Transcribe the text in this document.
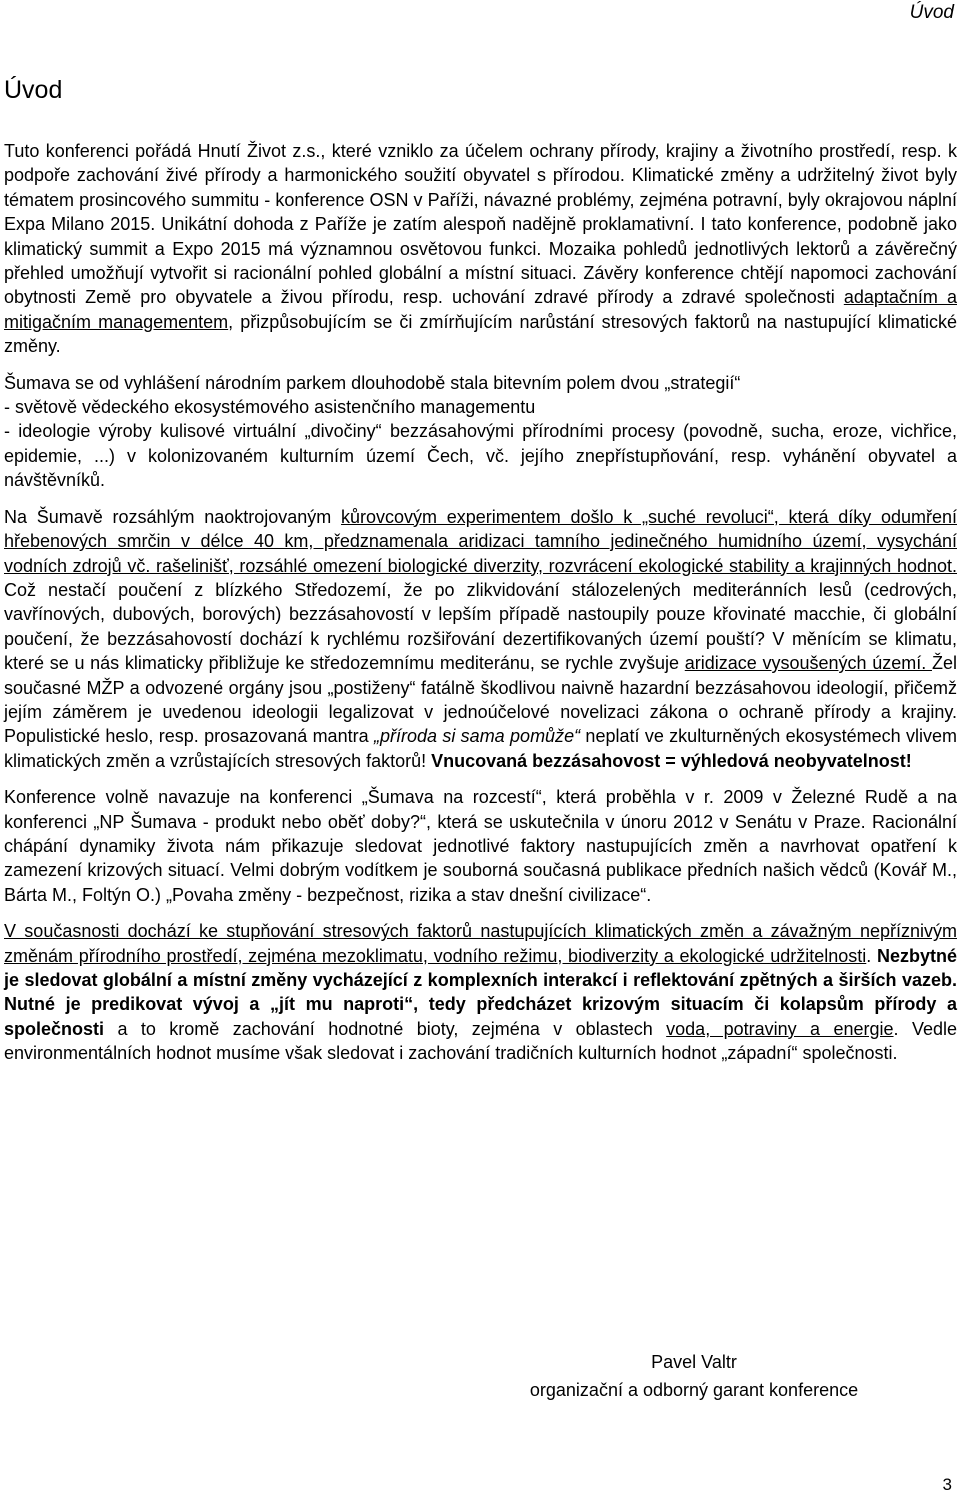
Úvod
Úvod

Tuto konferenci pořádá Hnutí Život z.s., které vzniklo za účelem ochrany přírody, krajiny a životního prostředí, resp. k podpoře zachování živé přírody a harmonického soužití obyvatel s přírodou. Klimatické změny a udržitelný život byly tématem prosincového summitu - konference OSN v Paříži, návazné problémy, zejména potravní, byly okrajovou náplní Expa Milano 2015. Unikátní dohoda z Paříže je zatím alespoň nadějně proklamativní. I tato konference, podobně jako klimatický summit a Expo 2015 má významnou osvětovou funkci. Mozaika pohledů jednotlivých lektorů a závěrečný přehled umožňují vytvořit si racionální pohled globální a místní situaci. Závěry konference chtějí napomoci zachování obytnosti Země pro obyvatele a živou přírodu, resp. uchování zdravé přírody a zdravé společnosti adaptačním a mitigačním managementem, přizpůsobujícím se či zmírňujícím narůstání stresových faktorů na nastupující klimatické změny.

Šumava se od vyhlášení národním parkem dlouhodobě stala bitevním polem dvou „strategií“
- světově vědeckého ekosystémového asistenčního managementu
- ideologie výroby kulisové virtuální „divočiny“ bezzásahovými přírodními procesy (povodně, sucha, eroze, vichřice, epidemie, ...) v kolonizovaném kulturním území Čech, vč. jejího znepřístupňování, resp. vyhánění obyvatel a návštěvníků.

Na Šumavě rozsáhlým naoktrojovaným kůrovcovým experimentem došlo k „suché revoluci“, která díky odumření hřebenových smrčin v délce 40 km, předznamenala aridizaci tamního jedinečného humidního území, vysychání vodních zdrojů vč. rašelinišť, rozsáhlé omezení biologické diverzity, rozvrácení ekologické stability a krajinných hodnot. Což nestačí poučení z blízkého Středozemí, že po zlikvidování stálozelených mediteránních lesů (cedrových, vavřínových, dubových, borových) bezzásahovostí v lepším případě nastoupily pouze křovinaté macchie, či globální poučení, že bezzásahovostí dochází k rychlému rozšiřování dezertifikovaných území pouští? V měnícím se klimatu, které se u nás klimaticky přibližuje ke středozemnímu mediteránu, se rychle zvyšuje aridizace vysoušených území. Žel současné MŽP a odvozené orgány jsou „postiženy“ fatálně škodlivou naivně hazardní bezzásahovou ideologií, přičemž jejím záměrem je uvedenou ideologii legalizovat v jednoúčelové novelizaci zákona o ochraně přírody a krajiny. Populistické heslo, resp. prosazovaná mantra „příroda si sama pomůže“ neplatí ve zkulturněných ekosystémech vlivem klimatických změn a vzrůstajících stresových faktorů! Vnucovaná bezzásahovost = výhledová neobyvatelnost!

Konference volně navazuje na konferenci „Šumava na rozcestí“, která proběhla v r. 2009 v Železné Rudě a na konferenci „NP Šumava - produkt nebo oběť doby?“, která se uskutečnila v únoru 2012 v Senátu v Praze. Racionální chápání dynamiky života nám přikazuje sledovat jednotlivé faktory nastupujících změn a navrhovat opatření k zamezení krizových situací. Velmi dobrým vodítkem je souborná současná publikace předních našich vědců (Kovář M., Bárta M., Foltýn O.) „Povaha změny - bezpečnost, rizika a stav dnešní civilizace“.

V současnosti dochází ke stupňování stresových faktorů nastupujících klimatických změn a závažným nepříznivým změnám přírodního prostředí, zejména mezoklimatu, vodního režimu, biodiverzity a ekologické udržitelnosti. Nezbytné je sledovat globální a místní změny vycházející z komplexních interakcí i reflektování zpětných a širších vazeb. Nutné je predikovat vývoj a „jít mu naproti“, tedy předcházet krizovým situacím či kolapsům přírody a společnosti a to kromě zachování hodnotné bioty, zejména v oblastech voda, potraviny a energie. Vedle environmentálních hodnot musíme však sledovat i zachování tradičních kulturních hodnot „západní“ společnosti.

Pavel Valtr
organizační a odborný garant konference
3
